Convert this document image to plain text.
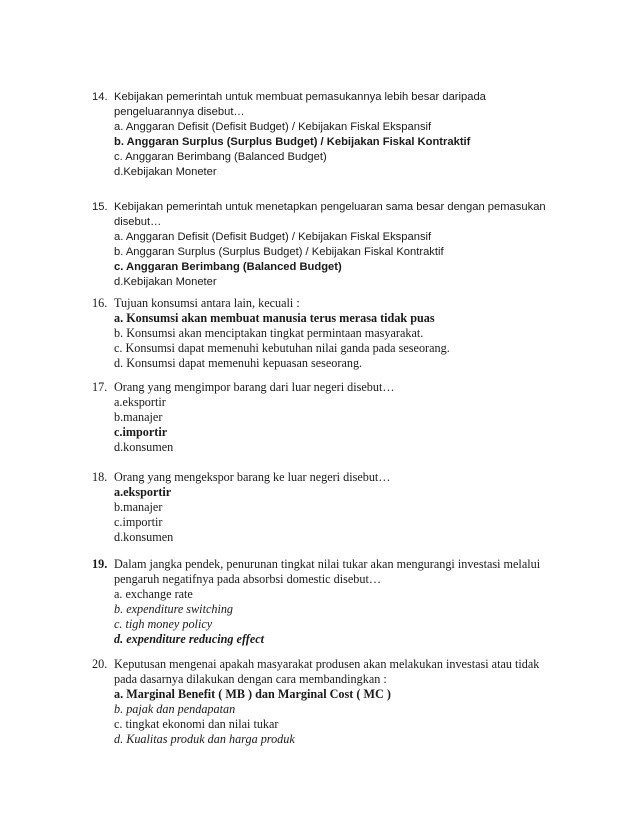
14. Kebijakan pemerintah untuk membuat pemasukannya lebih besar daripada pengeluarannya disebut…
a. Anggaran Defisit (Defisit Budget) / Kebijakan Fiskal Ekspansif
b. Anggaran Surplus (Surplus Budget) / Kebijakan Fiskal Kontraktif
c. Anggaran Berimbang (Balanced Budget)
d.Kebijakan Moneter
15. Kebijakan pemerintah untuk menetapkan pengeluaran sama besar dengan pemasukan disebut…
a. Anggaran Defisit (Defisit Budget) / Kebijakan Fiskal Ekspansif
b. Anggaran Surplus (Surplus Budget) / Kebijakan Fiskal Kontraktif
c. Anggaran Berimbang (Balanced Budget)
d.Kebijakan Moneter
16. Tujuan konsumsi antara lain, kecuali :
a. Konsumsi akan membuat manusia terus merasa tidak puas
b. Konsumsi akan menciptakan tingkat permintaan masyarakat.
c. Konsumsi dapat memenuhi kebutuhan nilai ganda pada seseorang.
d. Konsumsi dapat memenuhi kepuasan seseorang.
17. Orang yang mengimpor barang dari luar negeri disebut…
a.eksportir
b.manajer
c.importir
d.konsumen
18. Orang yang mengekspor barang ke luar negeri disebut…
a.eksportir
b.manajer
c.importir
d.konsumen
19. Dalam jangka pendek, penurunan tingkat nilai tukar akan mengurangi investasi melalui pengaruh negatifnya pada absorbsi domestic disebut…
a. exchange rate
b. expenditure switching
c. tigh money policy
d. expenditure reducing effect
20. Keputusan mengenai apakah masyarakat produsen akan melakukan investasi atau tidak pada dasarnya dilakukan dengan cara membandingkan :
a. Marginal Benefit ( MB ) dan Marginal Cost ( MC )
b. pajak dan pendapatan
c. tingkat ekonomi dan nilai tukar
d. Kualitas produk dan harga produk
